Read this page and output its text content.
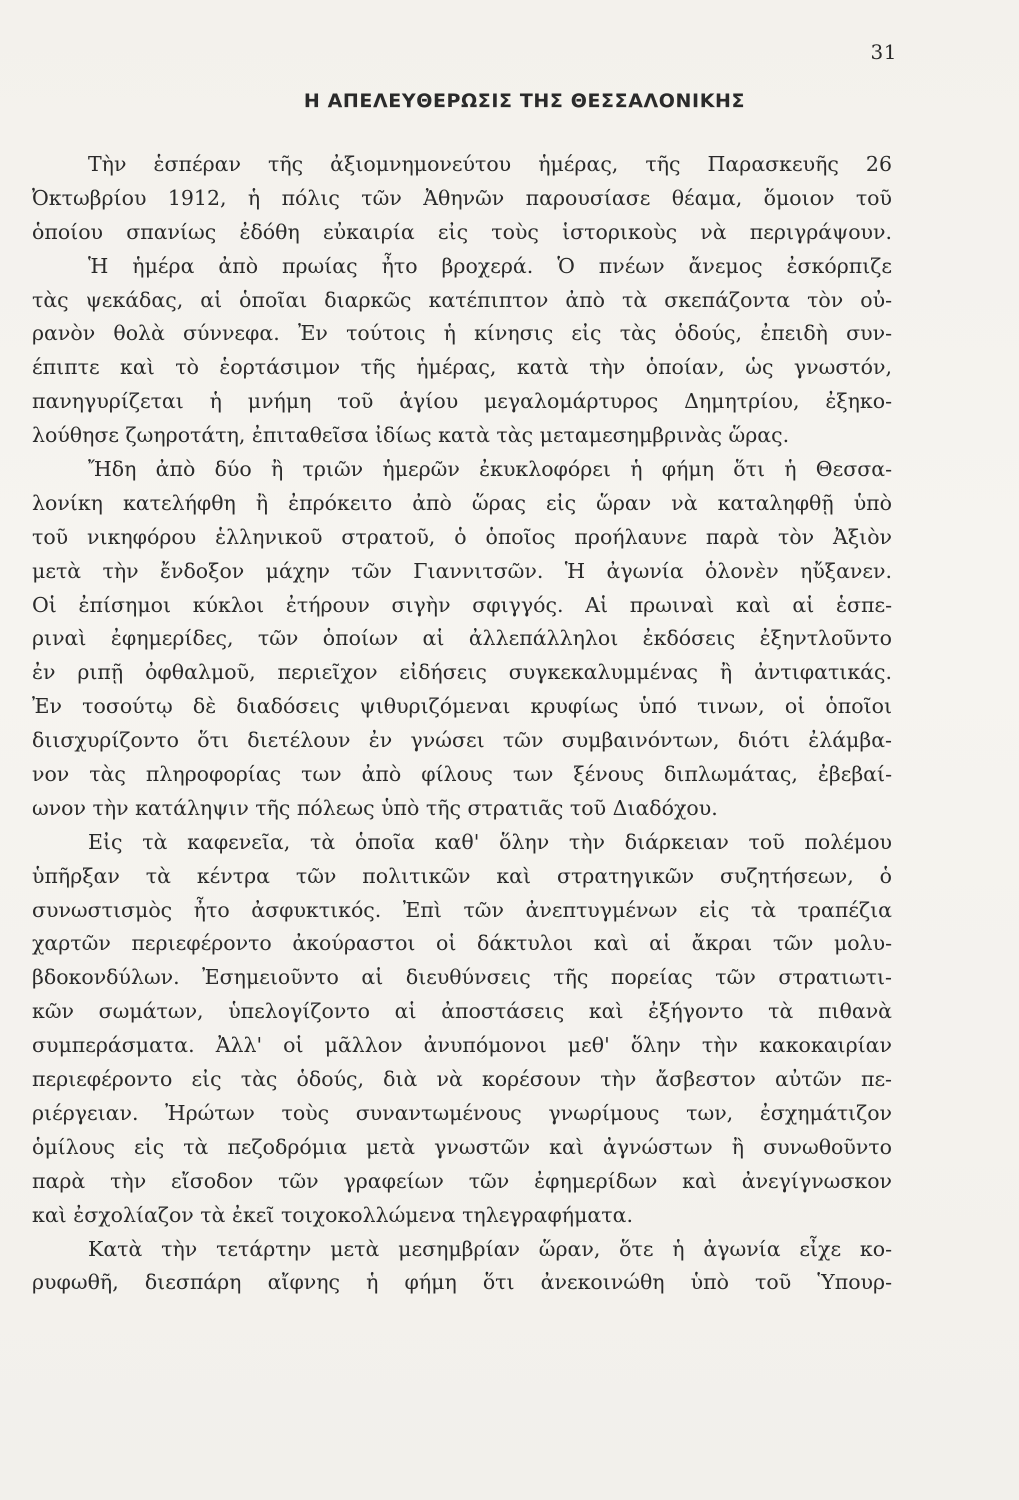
31
Η ΑΠΕΛΕΥΘΕΡΩΣΙΣ ΤΗΣ ΘΕΣΣΑΛΟΝΙΚΗΣ
Τὴν ἑσπέραν τῆς ἀξιομνημονεύτου ἡμέρας, τῆς Παρασκευῆς 26
Ὀκτωβρίου 1912, ἡ πόλις τῶν Ἀθηνῶν παρουσίασε θέαμα, ὅμοιον τοῦ
ὁποίου σπανίως ἐδόθη εὐκαιρία εἰς τοὺς ἱστορικοὺς νὰ περιγράψουν.
Ἡ ἡμέρα ἀπὸ πρωίας ἦτο βροχερά. Ὁ πνέων ἄνεμος ἐσκόρπιζε
τὰς ψεκάδας, αἱ ὁποῖαι διαρκῶς κατέπιπτον ἀπὸ τὰ σκεπάζοντα τὸν οὐ-
ρανὸν θολὰ σύννεφα. Ἐν τούτοις ἡ κίνησις εἰς τὰς ὁδούς, ἐπειδὴ συν-
έπιπτε καὶ τὸ ἑορτάσιμον τῆς ἡμέρας, κατὰ τὴν ὁποίαν, ὡς γνωστόν,
πανηγυρίζεται ἡ μνήμη τοῦ ἁγίου μεγαλομάρτυρος Δημητρίου, ἐξηκο-
λούθησε ζωηροτάτη, ἐπιταθεῖσα ἰδίως κατὰ τὰς μεταμεσημβρινὰς ὥρας.
Ἤδη ἀπὸ δύο ἢ τριῶν ἡμερῶν ἐκυκλοφόρει ἡ φήμη ὅτι ἡ Θεσσα-
λονίκη κατελήφθη ἢ ἐπρόκειτο ἀπὸ ὥρας εἰς ὥραν νὰ καταληφθῇ ὑπὸ
τοῦ νικηφόρου ἑλληνικοῦ στρατοῦ, ὁ ὁποῖος προήλαυνε παρὰ τὸν Ἀξιὸν
μετὰ τὴν ἔνδοξον μάχην τῶν Γιαννιτσῶν. Ἡ ἀγωνία ὁλονὲν ηὔξανεν.
Οἱ ἐπίσημοι κύκλοι ἐτήρουν σιγὴν σφιγγός. Αἱ πρωιναὶ καὶ αἱ ἑσπε-
ριναὶ ἐφημερίδες, τῶν ὁποίων αἱ ἀλλεπάλληλοι ἐκδόσεις ἐξηντλοῦντο
ἐν ριπῇ ὀφθαλμοῦ, περιεῖχον εἰδήσεις συγκεκαλυμμένας ἢ ἀντιφατικάς.
Ἐν τοσούτῳ δὲ διαδόσεις ψιθυριζόμεναι κρυφίως ὑπό τινων, οἱ ὁποῖοι
διισχυρίζοντο ὅτι διετέλουν ἐν γνώσει τῶν συμβαινόντων, διότι ἐλάμβα-
νον τὰς πληροφορίας των ἀπὸ φίλους των ξένους διπλωμάτας, ἐβεβαί-
ωνον τὴν κατάληψιν τῆς πόλεως ὑπὸ τῆς στρατιᾶς τοῦ Διαδόχου.
Εἰς τὰ καφενεῖα, τὰ ὁποῖα καθ' ὅλην τὴν διάρκειαν τοῦ πολέμου
ὑπῆρξαν τὰ κέντρα τῶν πολιτικῶν καὶ στρατηγικῶν συζητήσεων, ὁ
συνωστισμὸς ἦτο ἀσφυκτικός. Ἐπὶ τῶν ἀνεπτυγμένων εἰς τὰ τραπέζια
χαρτῶν περιεφέροντο ἀκούραστοι οἱ δάκτυλοι καὶ αἱ ἄκραι τῶν μολυ-
βδοκονδύλων. Ἐσημειοῦντο αἱ διευθύνσεις τῆς πορείας τῶν στρατιωτι-
κῶν σωμάτων, ὑπελογίζοντο αἱ ἀποστάσεις καὶ ἐξήγοντο τὰ πιθανὰ
συμπεράσματα. Ἀλλ' οἱ μᾶλλον ἀνυπόμονοι μεθ' ὅλην τὴν κακοκαιρίαν
περιεφέροντο εἰς τὰς ὁδούς, διὰ νὰ κορέσουν τὴν ἄσβεστον αὐτῶν πε-
ριέργειαν. Ἠρώτων τοὺς συναντωμένους γνωρίμους των, ἐσχημάτιζον
ὁμίλους εἰς τὰ πεζοδρόμια μετὰ γνωστῶν καὶ ἀγνώστων ἢ συνωθοῦντο
παρὰ τὴν εἴσοδον τῶν γραφείων τῶν ἐφημερίδων καὶ ἀνεγίγνωσκον
καὶ ἐσχολίαζον τὰ ἐκεῖ τοιχοκολλώμενα τηλεγραφήματα.
Κατὰ τὴν τετάρτην μετὰ μεσημβρίαν ὥραν, ὅτε ἡ ἀγωνία εἶχε κο-
ρυφωθῆ, διεσπάρη αἴφνης ἡ φήμη ὅτι ἀνεκοινώθη ὑπὸ τοῦ Ὑπουρ-
